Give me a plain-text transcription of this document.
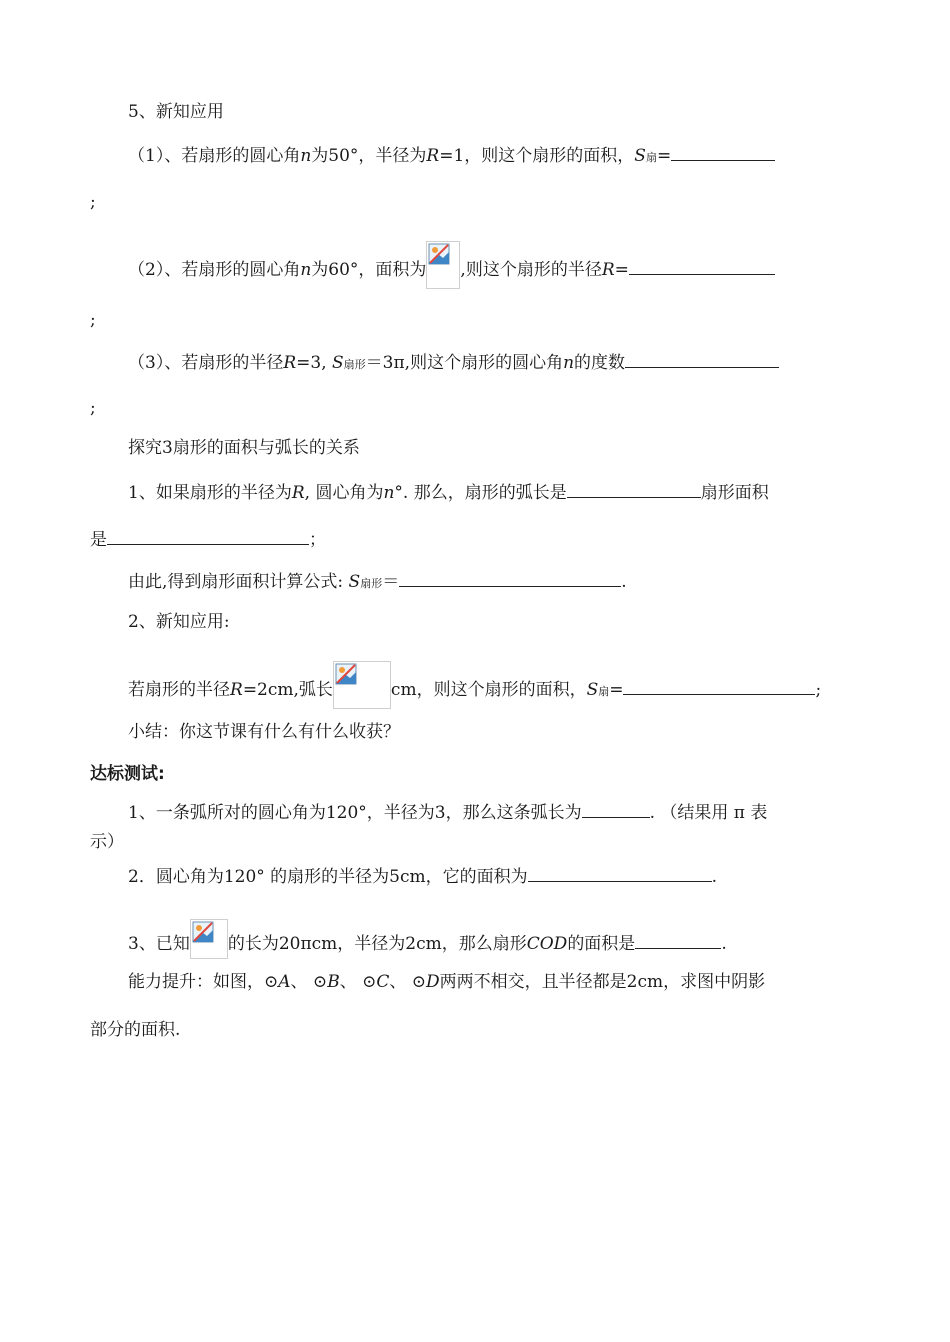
5、新知应用
（1）、若扇形的圆心角n为50°，半径为R=1，则这个扇形的面积，S扇=
;
（2）、若扇形的圆心角n为60°，面积为 ,则这个扇形的半径R=
;
（3）、若扇形的半径R=3, S扇形＝3π,则这个扇形的圆心角n的度数
;
探究3扇形的面积与弧长的关系
1、如果扇形的半径为R, 圆心角为n°. 那么，扇形的弧长是	扇形面积
是	；
由此,得到扇形面积计算公式: S扇形＝	.
2、新知应用:
若扇形的半径R=2cm,弧长	cm，则这个扇形的面积，S扇=	;
小结：你这节课有什么有什么收获？
达标测试:
1、一条弧所对的圆心角为120°，半径为3，那么这条弧长为	. （结果用 π 表
示）
2．圆心角为120° 的扇形的半径为5cm，它的面积为	.
3、已知 的长为20πcm，半径为2cm，那么扇形COD的面积是	.
能力提升：如图，⊙A、 ⊙B、 ⊙C、 ⊙D两两不相交，且半径都是2cm，求图中阴影
部分的面积.
